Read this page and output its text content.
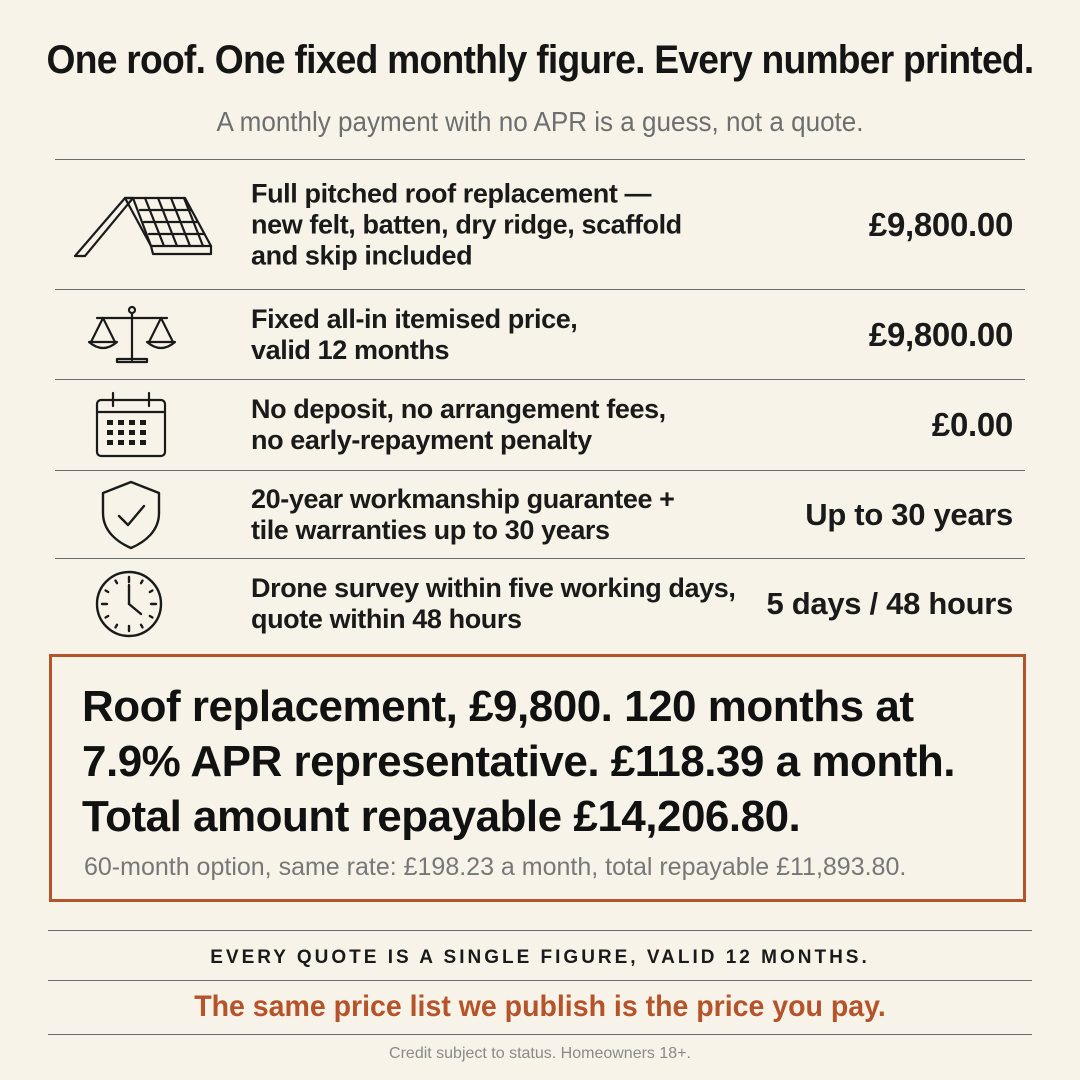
One roof. One fixed monthly figure. Every number printed.
A monthly payment with no APR is a guess, not a quote.
Full pitched roof replacement —
new felt, batten, dry ridge, scaffold
and skip included
£9,800.00
Fixed all-in itemised price,
valid 12 months	£9,800.00
No deposit, no arrangement fees,
no early-repayment penalty	£0.00
20-year workmanship guarantee +
tile warranties up to 30 years	Up to 30 years
Drone survey within five working days,
quote within 48 hours	5 days / 48 hours
Roof replacement, £9,800. 120 months at 7.9% APR representative. £118.39 a month. Total amount repayable £14,206.80.
60-month option, same rate: £198.23 a month, total repayable £11,893.80.
EVERY QUOTE IS A SINGLE FIGURE, VALID 12 MONTHS.
The same price list we publish is the price you pay.
Credit subject to status. Homeowners 18+.
